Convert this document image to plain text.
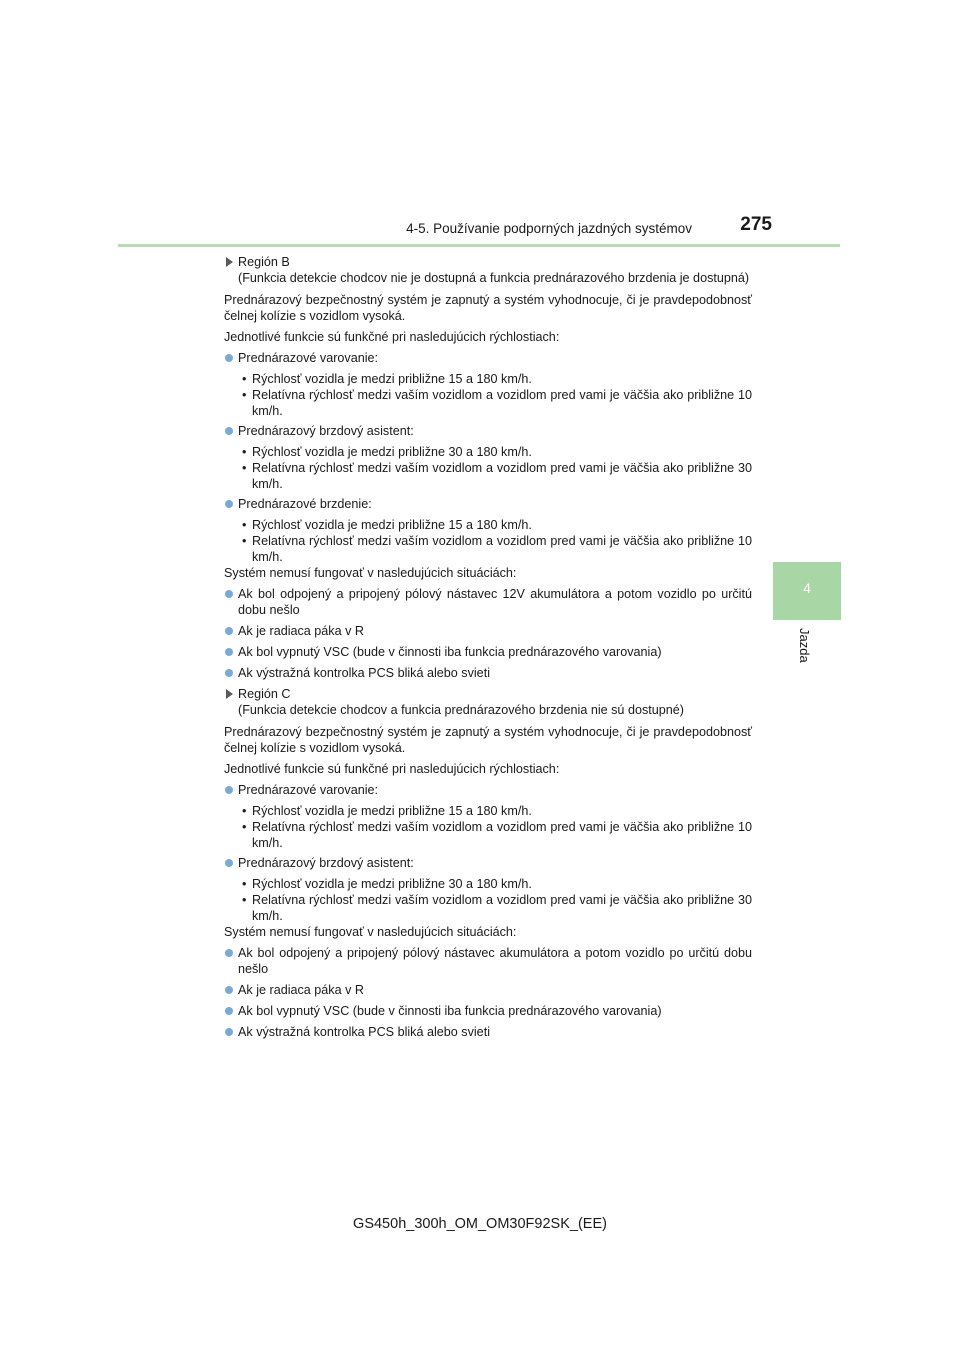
4-5. Používanie podporných jazdných systémov	275
4
Jazda

Región B

(Funkcia detekcie chodcov nie je dostupná a funkcia prednárazového brzdenia je dostupná)

Prednárazový bezpečnostný systém je zapnutý a systém vyhodnocuje, či je pravdepodobnosť čelnej kolízie s vozidlom vysoká.

Jednotlivé funkcie sú funkčné pri nasledujúcich rýchlostiach:

Prednárazové varovanie:

• Rýchlosť vozidla je medzi približne 15 a 180 km/h.
• Relatívna rýchlosť medzi vaším vozidlom a vozidlom pred vami je väčšia ako približne 10 km/h.

Prednárazový brzdový asistent:

• Rýchlosť vozidla je medzi približne 30 a 180 km/h.
• Relatívna rýchlosť medzi vaším vozidlom a vozidlom pred vami je väčšia ako približne 30 km/h.

Prednárazové brzdenie:

• Rýchlosť vozidla je medzi približne 15 a 180 km/h.
• Relatívna rýchlosť medzi vaším vozidlom a vozidlom pred vami je väčšia ako približne 10 km/h.

Systém nemusí fungovať v nasledujúcich situáciách:

Ak bol odpojený a pripojený pólový nástavec 12V akumulátora a potom vozidlo po určitú dobu nešlo

Ak je radiaca páka v R

Ak bol vypnutý VSC (bude v činnosti iba funkcia prednárazového varovania)

Ak výstražná kontrolka PCS bliká alebo svieti

Región C

(Funkcia detekcie chodcov a funkcia prednárazového brzdenia nie sú dostupné)

Prednárazový bezpečnostný systém je zapnutý a systém vyhodnocuje, či je pravdepodobnosť čelnej kolízie s vozidlom vysoká.

Jednotlivé funkcie sú funkčné pri nasledujúcich rýchlostiach:

Prednárazové varovanie:

• Rýchlosť vozidla je medzi približne 15 a 180 km/h.
• Relatívna rýchlosť medzi vaším vozidlom a vozidlom pred vami je väčšia ako približne 10 km/h.

Prednárazový brzdový asistent:

• Rýchlosť vozidla je medzi približne 30 a 180 km/h.
• Relatívna rýchlosť medzi vaším vozidlom a vozidlom pred vami je väčšia ako približne 30 km/h.

Systém nemusí fungovať v nasledujúcich situáciách:

Ak bol odpojený a pripojený pólový nástavec akumulátora a potom vozidlo po určitú dobu nešlo

Ak je radiaca páka v R

Ak bol vypnutý VSC (bude v činnosti iba funkcia prednárazového varovania)

Ak výstražná kontrolka PCS bliká alebo svieti

GS450h_300h_OM_OM30F92SK_(EE)
